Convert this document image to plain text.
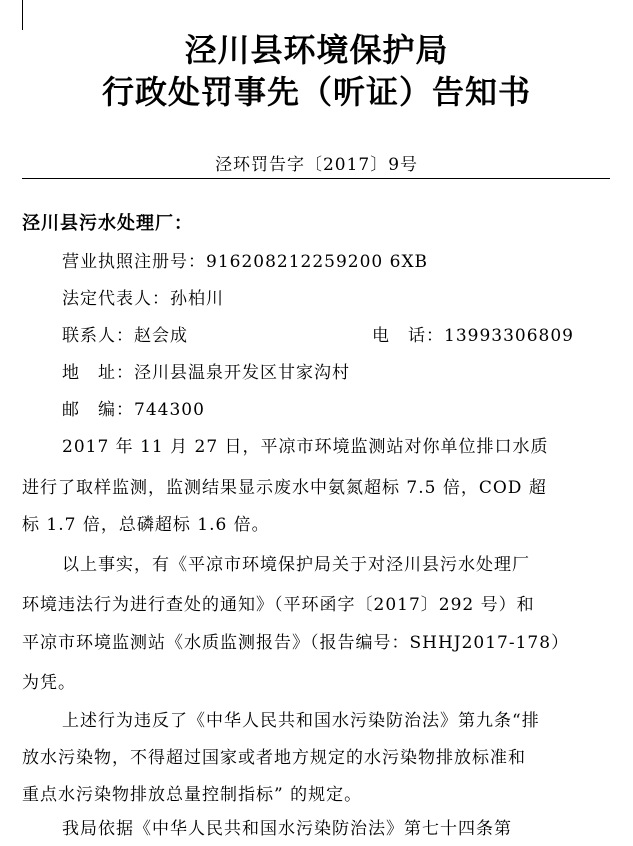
泾川县环境保护局
行政处罚事先（听证）告知书
泾环罚告字〔2017〕9号
泾川县污水处理厂：
营业执照注册号：916208212259200 6XB
法定代表人：孙柏川
联系人：赵会成	电　话：13993306809
地　址：泾川县温泉开发区甘家沟村
邮　编：744300
2017 年 11 月 27 日，平凉市环境监测站对你单位排口水质
进行了取样监测，监测结果显示废水中氨氮超标 7.5 倍，COD 超
标 1.7 倍，总磷超标 1.6 倍。
以上事实，有《平凉市环境保护局关于对泾川县污水处理厂
环境违法行为进行查处的通知》（平环函字〔2017〕292 号）和
平凉市环境监测站《水质监测报告》（报告编号：SHHJ2017-178）
为凭。
上述行为违反了《中华人民共和国水污染防治法》第九条“排
放水污染物，不得超过国家或者地方规定的水污染物排放标准和
重点水污染物排放总量控制指标” 的规定。
我局依据《中华人民共和国水污染防治法》第七十四条第
